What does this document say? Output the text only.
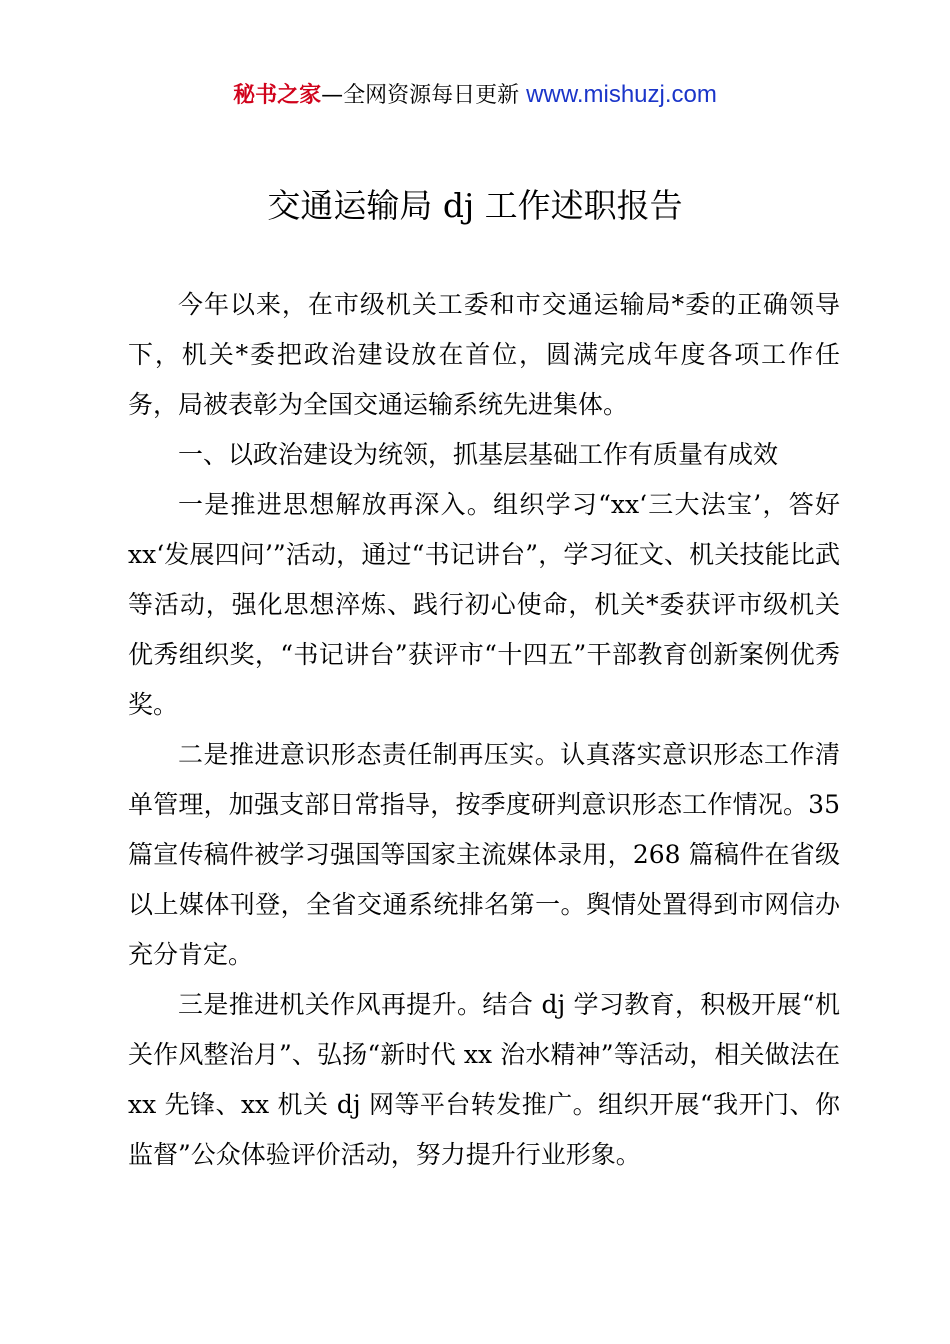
秘书之家—全网资源每日更新 www.mishuzj.com
交通运输局 dj 工作述职报告

今年以来，在市级机关工委和市交通运输局*委的正确领导下，机关*委把政治建设放在首位，圆满完成年度各项工作任务，局被表彰为全国交通运输系统先进集体。

一、以政治建设为统领，抓基层基础工作有质量有成效

一是推进思想解放再深入。组织学习“xx‘三大法宝’，答好 xx‘发展四问’”活动，通过“书记讲台”，学习征文、机关技能比武等活动，强化思想淬炼、践行初心使命，机关*委获评市级机关优秀组织奖，“书记讲台”获评市“十四五”干部教育创新案例优秀奖。

二是推进意识形态责任制再压实。认真落实意识形态工作清单管理，加强支部日常指导，按季度研判意识形态工作情况。35 篇宣传稿件被学习强国等国家主流媒体录用，268 篇稿件在省级以上媒体刊登，全省交通系统排名第一。舆情处置得到市网信办充分肯定。

三是推进机关作风再提升。结合 dj 学习教育，积极开展“机关作风整治月”、弘扬“新时代 xx 治水精神”等活动，相关做法在 xx 先锋、xx 机关 dj 网等平台转发推广。组织开展“我开门、你监督”公众体验评价活动，努力提升行业形象。
